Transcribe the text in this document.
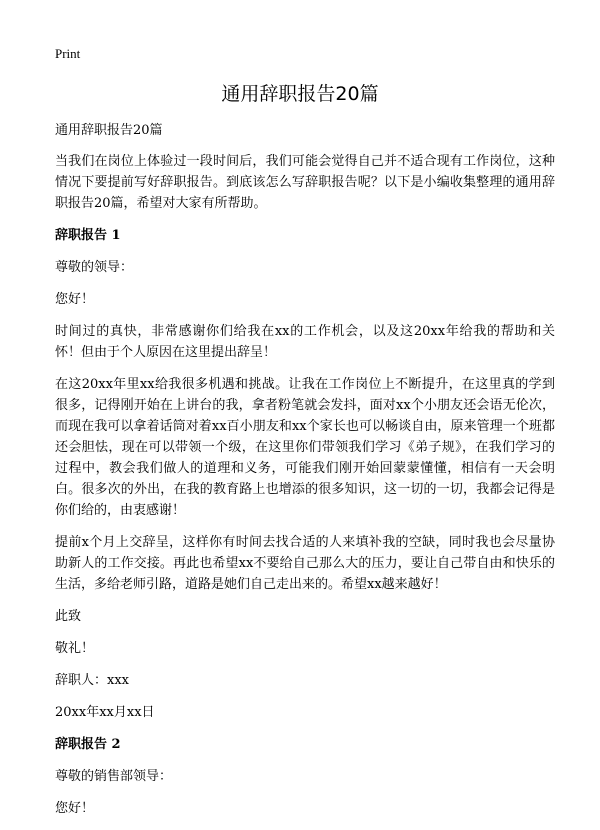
Print
通用辞职报告20篇

通用辞职报告20篇

当我们在岗位上体验过一段时间后，我们可能会觉得自己并不适合现有工作岗位，这种情况下要提前写好辞职报告。到底该怎么写辞职报告呢？以下是小编收集整理的通用辞职报告20篇，希望对大家有所帮助。

辞职报告 1

尊敬的领导：

您好！

时间过的真快，非常感谢你们给我在xx的工作机会，以及这20xx年给我的帮助和关怀！但由于个人原因在这里提出辞呈！

在这20xx年里xx给我很多机遇和挑战。让我在工作岗位上不断提升，在这里真的学到很多，记得刚开始在上讲台的我，拿者粉笔就会发抖，面对xx个小朋友还会语无伦次，而现在我可以拿着话筒对着xx百小朋友和xx个家长也可以畅谈自由，原来管理一个班都还会胆怯，现在可以带领一个级，在这里你们带领我们学习《弟子规》，在我们学习的过程中，教会我们做人的道理和义务，可能我们刚开始回蒙蒙懂懂，相信有一天会明白。很多次的外出，在我的教育路上也增添的很多知识，这一切的一切，我都会记得是你们给的，由衷感谢！

提前x个月上交辞呈，这样你有时间去找合适的人来填补我的空缺，同时我也会尽量协助新人的工作交接。再此也希望xx不要给自己那么大的压力，要让自己带自由和快乐的生活，多给老师引路，道路是她们自己走出来的。希望xx越来越好！

此致

敬礼！

辞职人：xxx

20xx年xx月xx日

辞职报告 2

尊敬的销售部领导：

您好！
